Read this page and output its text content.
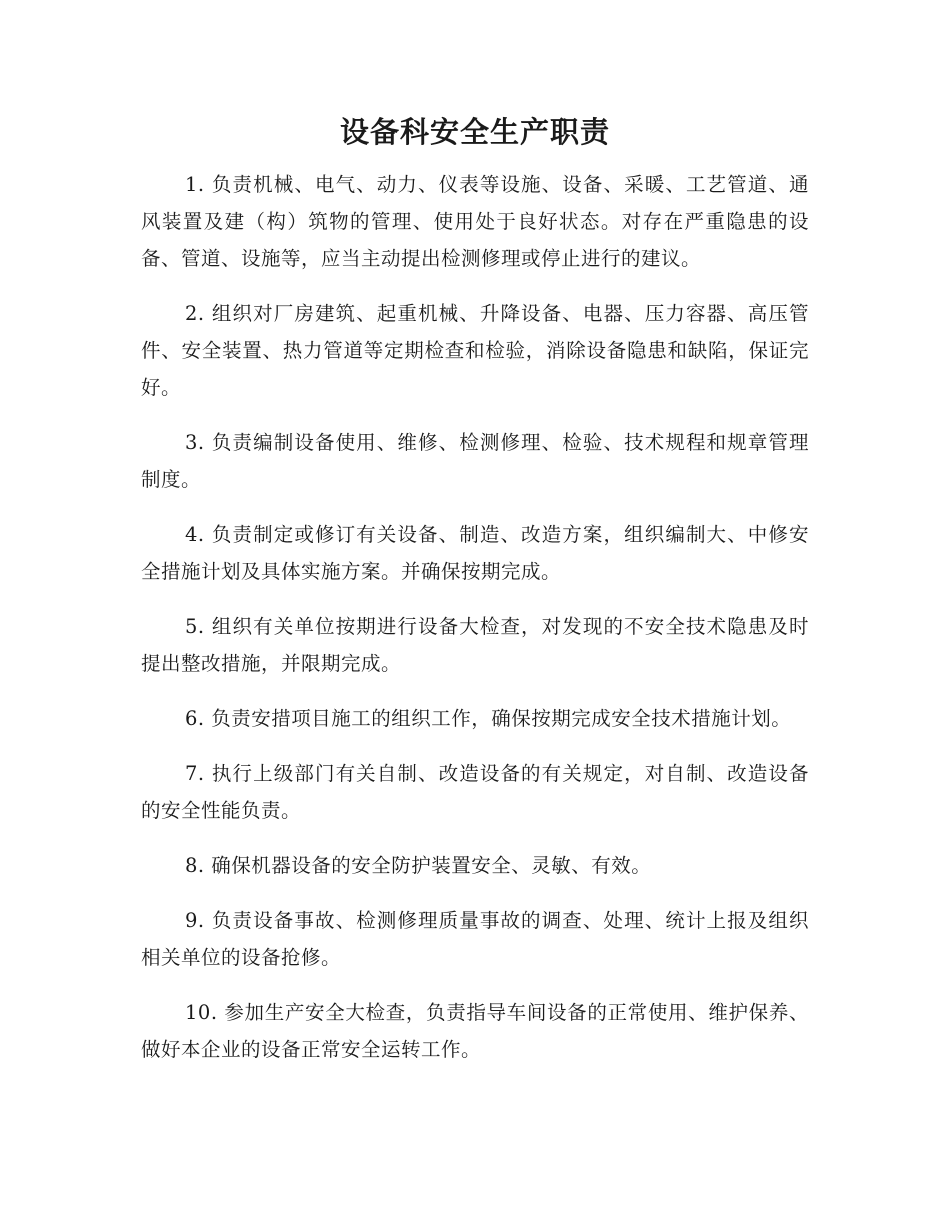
设备科安全生产职责

1. 负责机械、电气、动力、仪表等设施、设备、采暖、工艺管道、通风装置及建（构）筑物的管理、使用处于良好状态。对存在严重隐患的设备、管道、设施等，应当主动提出检测修理或停止进行的建议。

2. 组织对厂房建筑、起重机械、升降设备、电器、压力容器、高压管件、安全装置、热力管道等定期检查和检验，消除设备隐患和缺陷，保证完好。

3. 负责编制设备使用、维修、检测修理、检验、技术规程和规章管理制度。

4. 负责制定或修订有关设备、制造、改造方案，组织编制大、中修安全措施计划及具体实施方案。并确保按期完成。

5. 组织有关单位按期进行设备大检查，对发现的不安全技术隐患及时提出整改措施，并限期完成。

6. 负责安措项目施工的组织工作，确保按期完成安全技术措施计划。

7. 执行上级部门有关自制、改造设备的有关规定，对自制、改造设备的安全性能负责。

8. 确保机器设备的安全防护装置安全、灵敏、有效。

9. 负责设备事故、检测修理质量事故的调查、处理、统计上报及组织相关单位的设备抢修。

10. 参加生产安全大检查，负责指导车间设备的正常使用、维护保养、做好本企业的设备正常安全运转工作。
